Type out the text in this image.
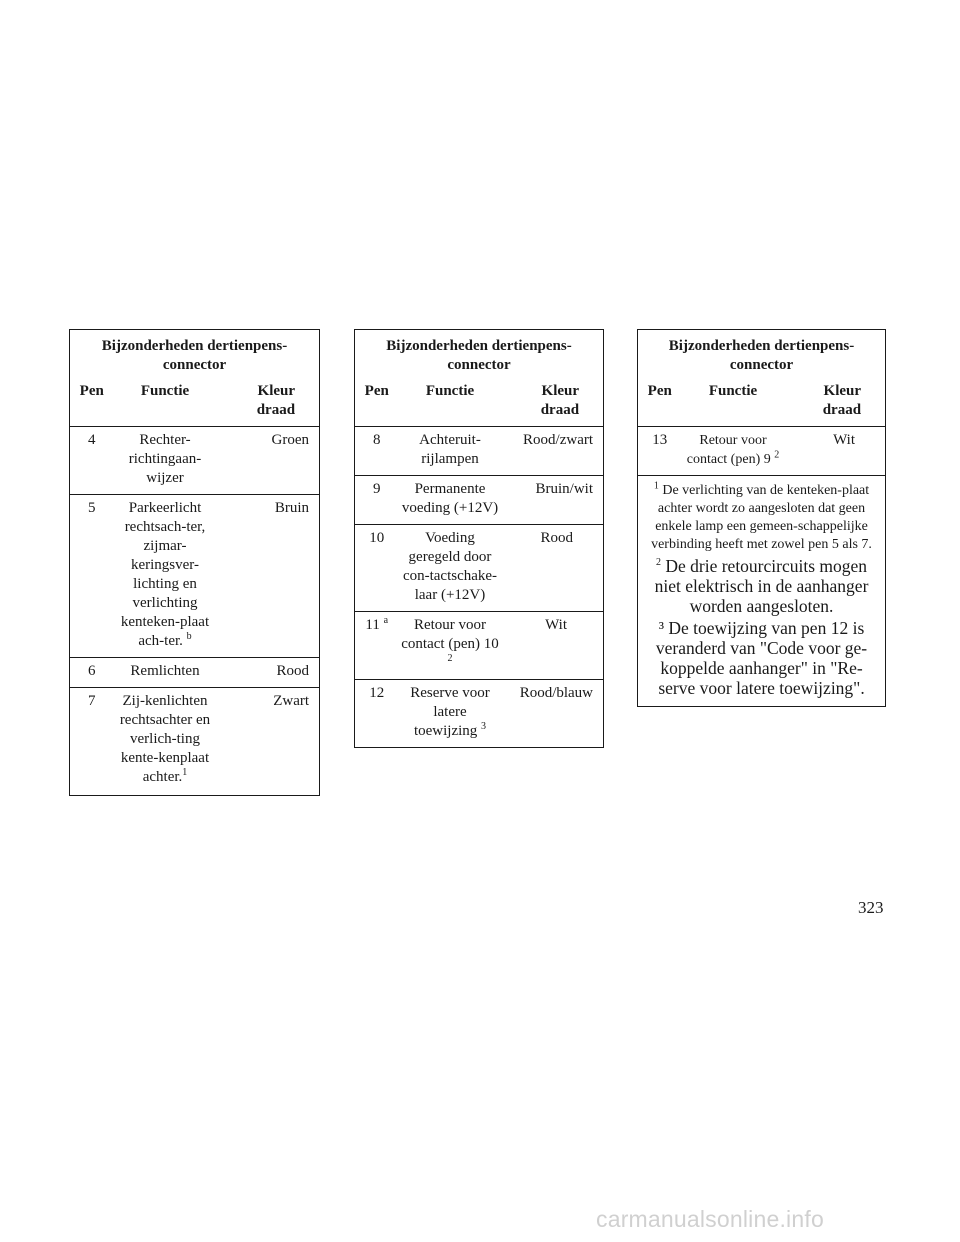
Bijzonderheden dertienpens-connector		
Pen	Functie	Kleur draad
4	Rechter-richtingaan-wijzer	Groen
5	Parkeerlicht rechtsach-ter, zijmar-keringsver-lichting en verlichting kenteken-plaat ach-ter. $^b$	Bruin
6	Remlichten	Rood
7	Zij-kenlichten rechtsachter en verlich-ting kente-kenplaat achter.$^1$	Zwart
Bijzonderheden dertienpens-connector		
Pen	Functie	Kleur draad
8	Achteruit-rijlampen	Rood/zwart
9	Permanente voeding (+12V)	Bruin/wit
10	Voeding geregeld door con-tactschake-laar (+12V)	Rood
11 $^a$	Retour voor contact (pen) 10 $^2$	Wit
12	Reserve voor latere toewijzing $^3$	Rood/blauw
Bijzonderheden dertienpens-connector		
Pen	Functie	Kleur draad
13	Retour voor contact (pen) 9 $^2$	Wit

$^1$ De verlichting van de kenteken-plaat achter wordt zo aangesloten dat geen enkele lamp een gemeen-schappelijke verbinding heeft met zowel pen 5 als 7.
$^2$ De drie retourcircuits mogen niet elektrisch in de aanhanger worden aangesloten.
³ De toewijzing van pen 12 is veranderd van "Code voor ge-koppelde aanhanger" in "Re-serve voor latere toewijzing".		
323
carmanualsonline.info
